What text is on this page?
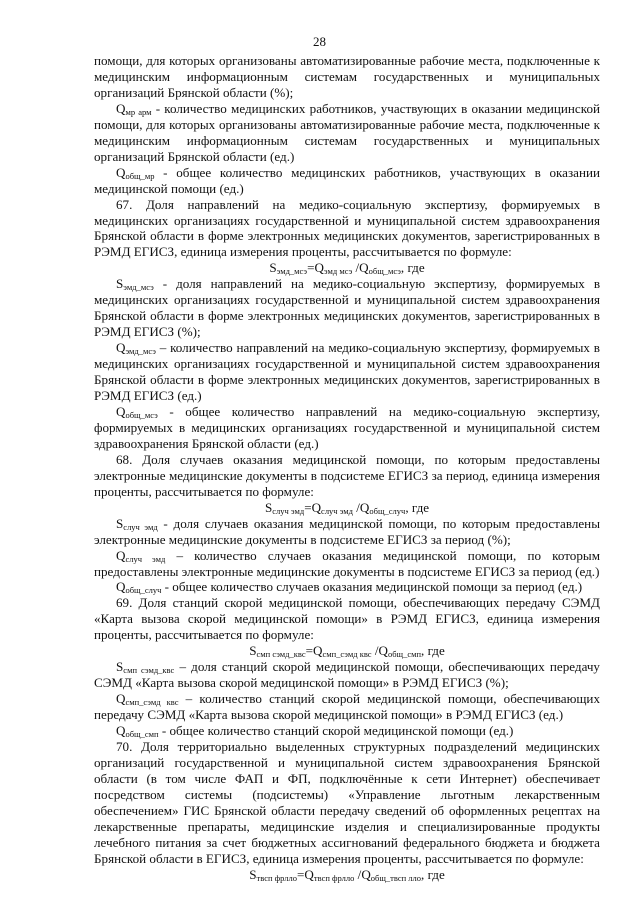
28

помощи, для которых организованы автоматизированные рабочие места, подключенные к медицинским информационным системам государственных и муниципальных организаций Брянской области (%);

$Q_{мр арм}$ - количество медицинских работников, участвующих в оказании медицинской помощи, для которых организованы автоматизированные рабочие места, подключенные к медицинским информационным системам государственных и муниципальных организаций Брянской области (ед.)

$Q_{общ\_мр}$ - общее количество медицинских работников, участвующих в оказании медицинской помощи (ед.)

67. Доля направлений на медико-социальную экспертизу, формируемых в медицинских организациях государственной и муниципальной систем здравоохранения Брянской области в форме электронных медицинских документов, зарегистрированных в РЭМД ЕГИСЗ, единица измерения проценты, рассчитывается по формуле:

$S_{эмд\_мсэ}=Q_{эмд мсэ}$ $/Q_{общ\_мсэ}$, где

$S_{эмд\_мсэ}$ - доля направлений на медико-социальную экспертизу, формируемых в медицинских организациях государственной и муниципальной систем здравоохранения Брянской области в форме электронных медицинских документов, зарегистрированных в РЭМД ЕГИСЗ (%);

$Q_{эмд\_мсэ}$ – количество направлений на медико-социальную экспертизу, формируемых в медицинских организациях государственной и муниципальной систем здравоохранения Брянской области в форме электронных медицинских документов, зарегистрированных в РЭМД ЕГИСЗ (ед.)

$Q_{общ\_мсэ}$ - общее количество направлений на медико-социальную экспертизу, формируемых в медицинских организациях государственной и муниципальной систем здравоохранения Брянской области (ед.)

68. Доля случаев оказания медицинской помощи, по которым предоставлены электронные медицинские документы в подсистеме ЕГИСЗ за период, единица измерения проценты, рассчитывается по формуле:

$S_{случ эмд}=Q_{случ эмд}$ $/Q_{общ\_случ}$, где

$S_{случ эмд}$ - доля случаев оказания медицинской помощи, по которым предоставлены электронные медицинские документы в подсистеме ЕГИСЗ за период (%);

$Q_{случ эмд}$ – количество случаев оказания медицинской помощи, по которым предоставлены электронные медицинские документы в подсистеме ЕГИСЗ за период (ед.)

$Q_{общ\_случ}$ - общее количество случаев оказания медицинской помощи за период (ед.)

69. Доля станций скорой медицинской помощи, обеспечивающих передачу СЭМД «Карта вызова скорой медицинской помощи» в РЭМД ЕГИСЗ, единица измерения проценты, рассчитывается по формуле:

$S_{смп сэмд\_квс}=Q_{смп\_сэмд квс}$ $/Q_{общ\_смп}$, где

$S_{смп сэмд\_квс}$ – доля станций скорой медицинской помощи, обеспечивающих передачу СЭМД «Карта вызова скорой медицинской помощи» в РЭМД ЕГИСЗ (%);

$Q_{смп\_сэмд квс}$ – количество станций скорой медицинской помощи, обеспечивающих передачу СЭМД «Карта вызова скорой медицинской помощи» в РЭМД ЕГИСЗ (ед.)

$Q_{общ\_смп}$ - общее количество станций скорой медицинской помощи (ед.)

70. Доля территориально выделенных структурных подразделений медицинских организаций государственной и муниципальной систем здравоохранения Брянской области (в том числе ФАП и ФП, подключённые к сети Интернет) обеспечивает посредством системы (подсистемы) «Управление льготным лекарственным обеспечением» ГИС Брянской области передачу сведений об оформленных рецептах на лекарственные препараты, медицинские изделия и специализированные продукты лечебного питания за счет бюджетных ассигнований федерального бюджета и бюджета Брянской области в ЕГИСЗ, единица измерения проценты, рассчитывается по формуле:

$S_{твсп фрлло}=Q_{твсп фрлло}$ $/Q_{общ\_твсп лло}$, где
